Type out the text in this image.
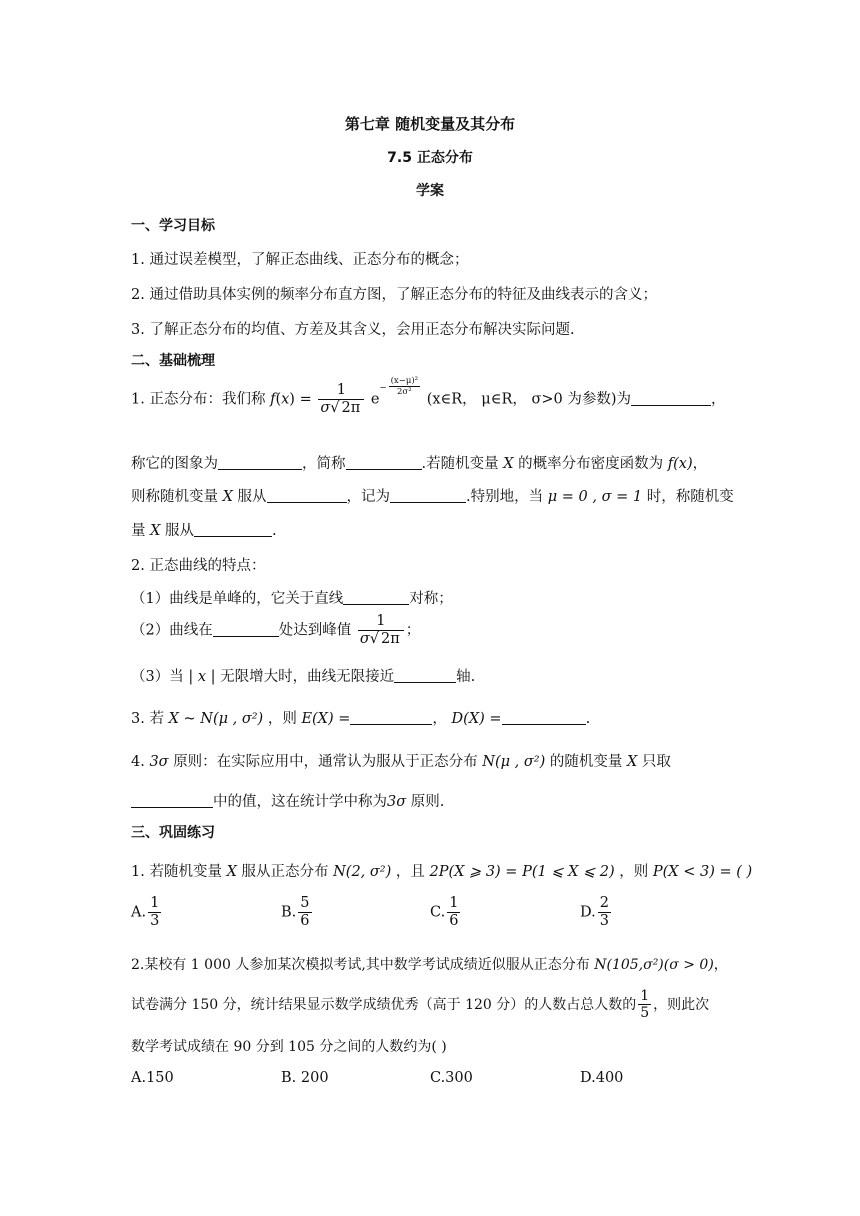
第七章 随机变量及其分布
7.5 正态分布
学案
一、学习目标
1. 通过误差模型，了解正态曲线、正态分布的概念；
2. 通过借助具体实例的频率分布直方图，了解正态分布的特征及曲线表示的含义；
3. 了解正态分布的均值、方差及其含义，会用正态分布解决实际问题.
二、基础梳理
1. 正态分布：我们称 $f(x) = \frac{1}{\sigma√ 2\pi} e^{- \frac{\text{(x−μ)²}}{\text{2σ²}}}$
(x∈R， μ∈R， σ>0 为参数)为	，
称它的图象为	，简称	.若随机变量 X 的概率分布密度函数为 f(x)，
则称随机变量 X 服从	，记为	.特别地，当 μ = 0 , σ = 1 时，称随机变
量 X 服从	.
2. 正态曲线的特点：
（1）曲线是单峰的，它关于直线	对称；
（2）曲线在	处达到峰值 $\frac{1}{\sigma√ 2\pi}$ ；
（3）当 | x | 无限增大时，曲线无限接近	轴.
3. 若 X ~ N(μ , σ²) ，则 E(X) =	， D(X) =	.
4. 3σ 原则：在实际应用中，通常认为服从于正态分布 N(μ , σ²) 的随机变量 X 只取
中的值，这在统计学中称为3σ 原则.
三、巩固练习
1. 若随机变量 X 服从正态分布 N(2, σ²) ，且 2P(X ⩾ 3) = P(1 ⩽ X ⩽ 2) ，则 P(X < 3) = ( )
A. $\frac{1}{3}$	B. $\frac{5}{6}$	C. $\frac{1}{6}$	D. $\frac{2}{3}$
2.某校有 1 000 人参加某次模拟考试,其中数学考试成绩近似服从正态分布 N(105,σ²)(σ > 0)，
试卷满分 150 分，统计结果显示数学成绩优秀（高于 120 分）的人数占总人数的 $\frac{1}{5}$ ，则此次
数学考试成绩在 90 分到 105 分之间的人数约为( )
A.150	B. 200	C.300	D.400
